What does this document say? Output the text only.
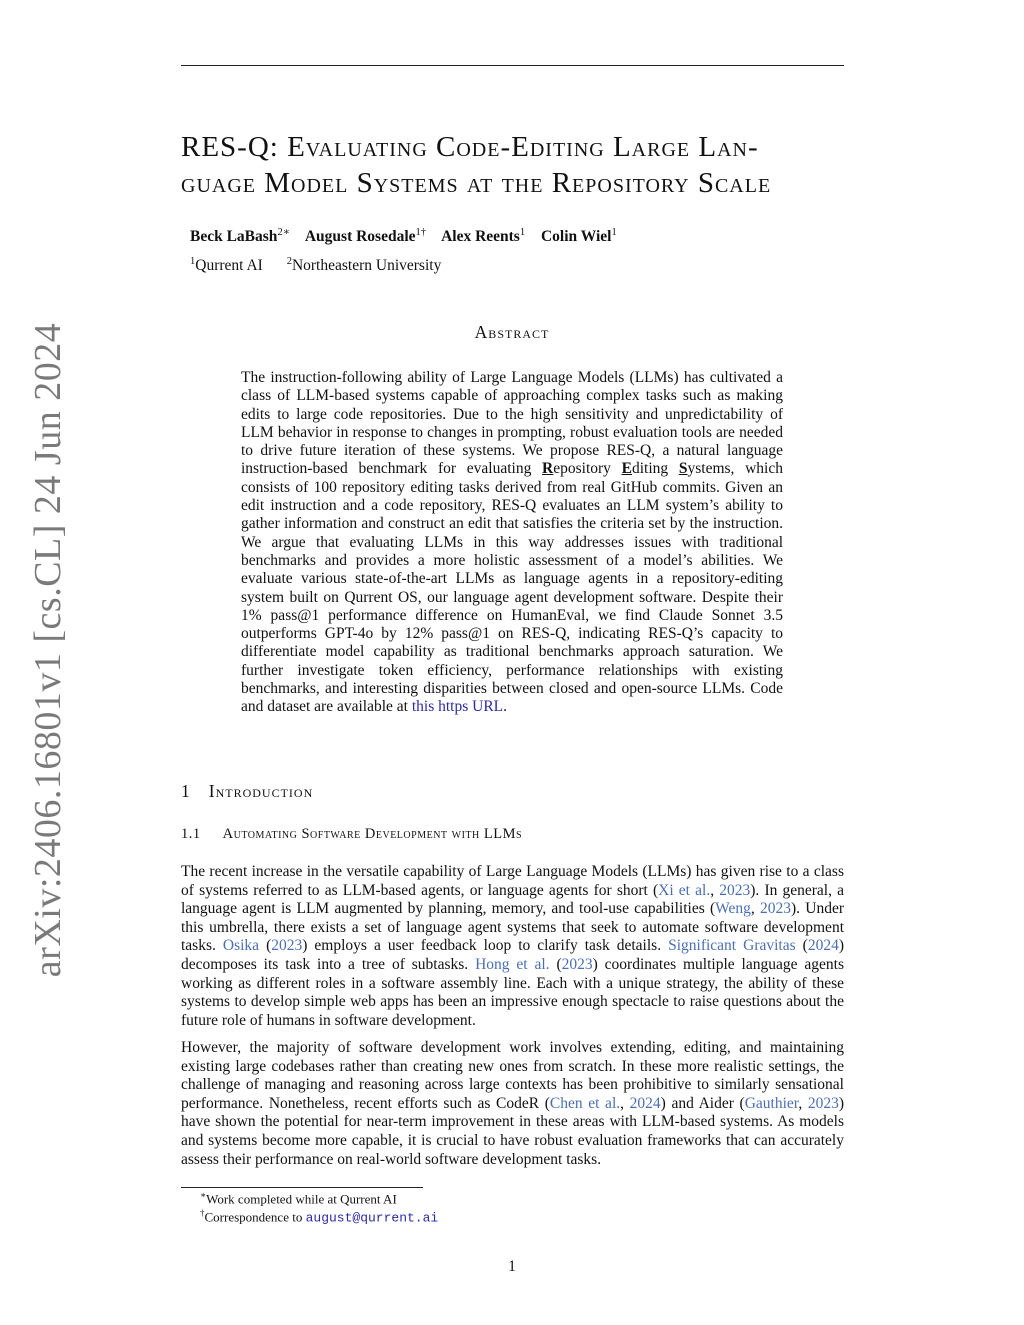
arXiv:2406.16801v1 [cs.CL] 24 Jun 2024
RES-Q: Evaluating Code-Editing Large Lan-
guage Model Systems at the Repository Scale
Beck LaBash$^{2∗}$ August Rosedale$^{1\dagger}$ Alex Reents$^1$ Colin Wiel$^1$
$^1$Qurrent AI $^2$Northeastern University
Abstract

The instruction-following ability of Large Language Models (LLMs) has cultivated a class of LLM-based systems capable of approaching complex tasks such as making edits to large code repositories. Due to the high sensitivity and unpredictability of LLM behavior in response to changes in prompting, robust evaluation tools are needed to drive future iteration of these systems. We propose RES-Q, a natural language instruction-based benchmark for evaluating Repository Editing Systems, which consists of 100 repository editing tasks derived from real GitHub commits. Given an edit instruction and a code repository, RES-Q evaluates an LLM system’s ability to gather information and construct an edit that satisfies the criteria set by the instruction. We argue that evaluating LLMs in this way addresses issues with traditional benchmarks and provides a more holistic assessment of a model’s abilities. We evaluate various state-of-the-art LLMs as language agents in a repository-editing system built on Qurrent OS, our language agent development software. Despite their 1% pass@1 performance difference on HumanEval, we find Claude Sonnet 3.5 outperforms GPT-4o by 12% pass@1 on RES-Q, indicating RES-Q’s capacity to differentiate model capability as traditional benchmarks approach saturation. We further investigate token efficiency, performance relationships with existing benchmarks, and interesting disparities between closed and open-source LLMs. Code and dataset are available at this https URL.

1 Introduction
1.1 Automating Software Development with LLMs

The recent increase in the versatile capability of Large Language Models (LLMs) has given rise to a class of systems referred to as LLM-based agents, or language agents for short (Xi et al., 2023). In general, a language agent is LLM augmented by planning, memory, and tool-use capabilities (Weng, 2023). Under this umbrella, there exists a set of language agent systems that seek to automate software development tasks. Osika (2023) employs a user feedback loop to clarify task details. Significant Gravitas (2024) decomposes its task into a tree of subtasks. Hong et al. (2023) coordinates multiple language agents working as different roles in a software assembly line. Each with a unique strategy, the ability of these systems to develop simple web apps has been an impressive enough spectacle to raise questions about the future role of humans in software development.

However, the majority of software development work involves extending, editing, and maintaining existing large codebases rather than creating new ones from scratch. In these more realistic settings, the challenge of managing and reasoning across large contexts has been prohibitive to similarly sensational performance. Nonetheless, recent efforts such as CodeR (Chen et al., 2024) and Aider (Gauthier, 2023) have shown the potential for near-term improvement in these areas with LLM-based systems. As models and systems become more capable, it is crucial to have robust evaluation frameworks that can accurately assess their performance on real-world software development tasks.

∗Work completed while at Qurrent AI
†Correspondence to august@qurrent.ai
1
